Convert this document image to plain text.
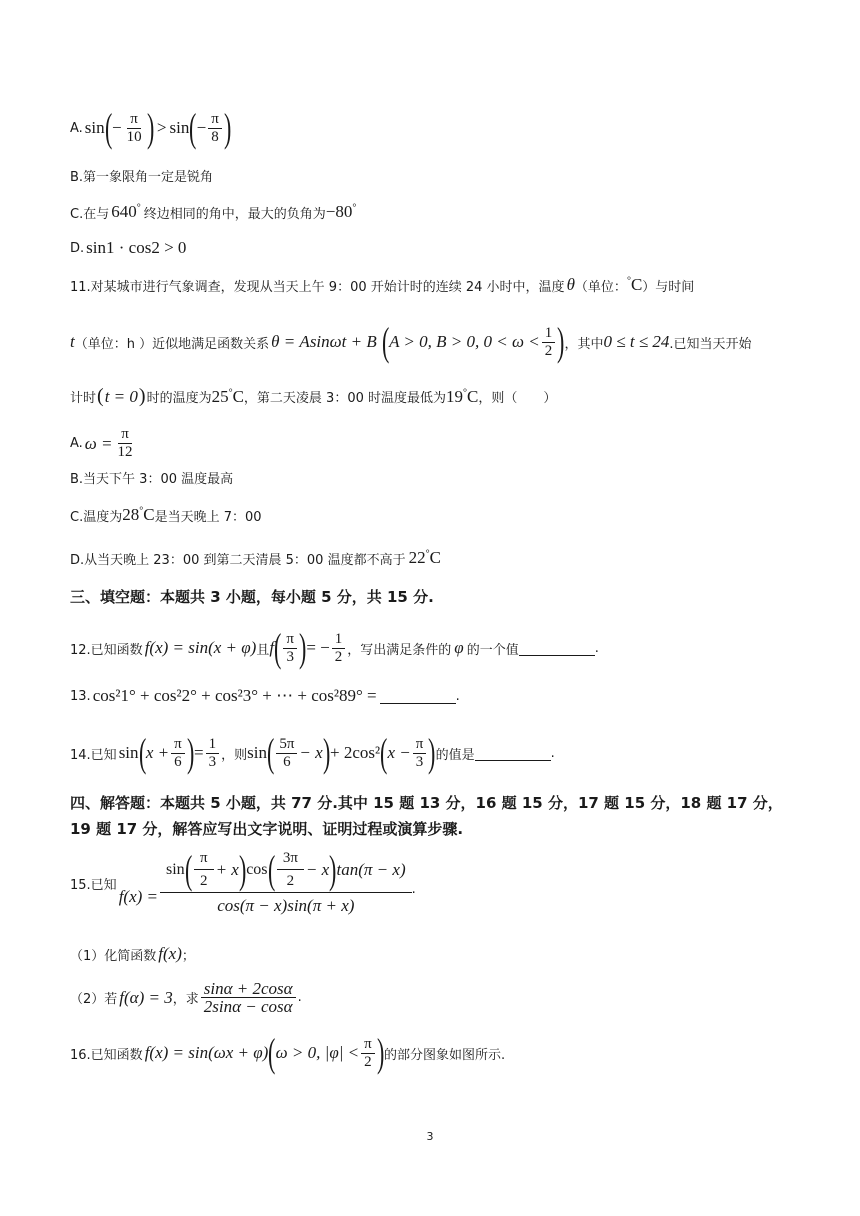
A. sin ( − $\frac{\pi}{10}$ ) > sin ( − $\frac{\pi}{8}$ )
B.第一象限角一定是锐角
C.在与 640° 终边相同的角中，最大的负角为 −80°
D. sin1 · cos2 > 0
11.对某城市进行气象调查，发现从当天上午 9：00 开始计时的连续 24 小时中，温度 θ （单位： °C ）与时间
t （单位：h ）近似地满足函数关系 θ = Asinωt + B ( A > 0, B > 0, $0 < \omega < \frac{1}{2}$ ) ，其中 0 ≤ t ≤ 24 .已知当天开始
计时 ( t = 0 ) 时的温度为 25°C ，第二天凌晨 3：00 时温度最低为 19°C ，则（　　）
A. $\omega = \frac{\pi}{12}$
B.当天下午 3：00 温度最高
C.温度为 28°C 是当天晚上 7：00
D.从当天晚上 23：00 到第二天清晨 5：00 温度都不高于 22°C
三、填空题：本题共 3 小题，每小题 5 分，共 15 分.
12.已知函数 f(x) = sin(x + φ) 且 f ( $\frac{\pi}{3}$ ) = − $\frac{1}{2}$ ，写出满足条件的 φ 的一个值	.
13. cos²1° + cos²2° + cos²3° + ⋯ + cos²89° =	.
14.已知 sin ( $x + \frac{\pi}{6}$ ) = $\frac{1}{3}$ ，则 sin ( $\frac{5\pi}{6} - x$ ) + 2cos² ( $x - \frac{\pi}{3}$ ) 的值是	.
四、解答题：本题共 5 小题，共 77 分.其中 15 题 13 分，16 题 15 分，17 题 15 分，18 题 17 分，
19 题 17 分，解答应写出文字说明、证明过程或演算步骤.
15.已知
f(x) =
sin ( $\frac{\pi}{2} + x$ ) cos ( $\frac{3\pi}{2} - x$ ) tan(π − x)
cos(π − x)sin(π + x)
.
（1）化简函数 f(x) ；
（2）若 f(α) = 3 ，求 $\frac{\sin\alpha + 2\cos\alpha}{2\sin\alpha - \cos\alpha}$ .
16.已知函数 f(x) = sin(ωx + φ) ( ω > 0, $|\varphi| < \frac{\pi}{2}$ ) 的部分图象如图所示.
3
